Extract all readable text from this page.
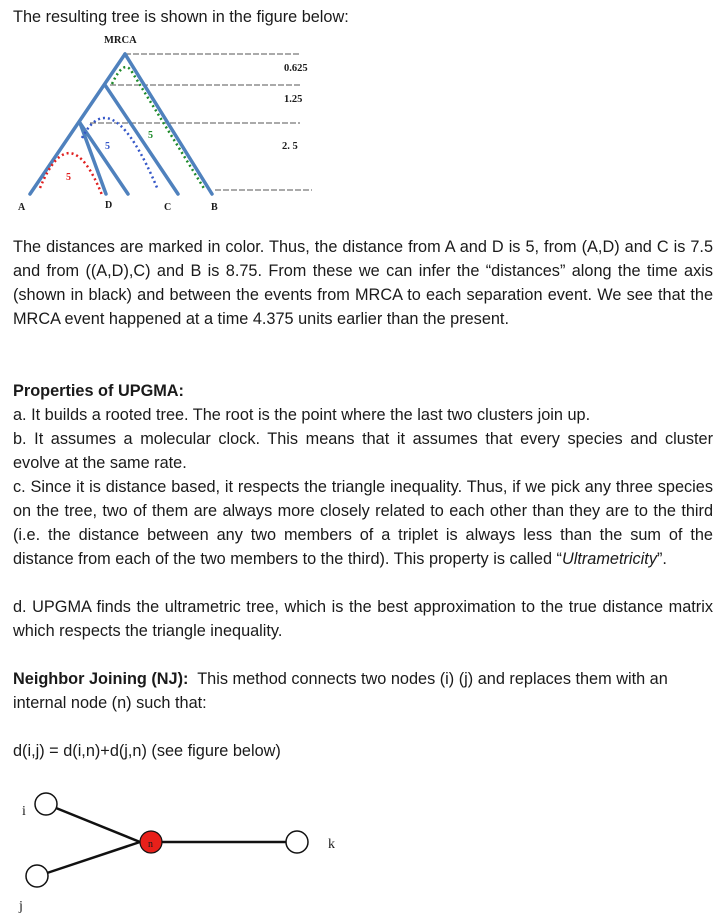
The resulting tree is shown in the figure below:

MRCA
0.625
1.25
2. 5
5
5
5
A	D	C	B

The distances are marked in color. Thus, the distance from A and D is 5, from (A,D) and C is 7.5 and from ((A,D),C) and B is 8.75. From these we can infer the “distances” along the time axis (shown in black) and between the events from MRCA to each separation event. We see that the MRCA event happened at a time 4.375 units earlier than the present.

Properties of UPGMA:

a. It builds a rooted tree. The root is the point where the last two clusters join up.

b. It assumes a molecular clock. This means that it assumes that every species and cluster evolve at the same rate.

c. Since it is distance based, it respects the triangle inequality. Thus, if we pick any three species on the tree, two of them are always more closely related to each other than they are to the third (i.e. the distance between any two members of a triplet is always less than the sum of the distance from each of the two members to the third). This property is called “Ultrametricity”.

d. UPGMA finds the ultrametric tree, which is the best approximation to the true distance matrix which respects the triangle inequality.

Neighbor Joining (NJ):  This method connects two nodes (i) (j) and replaces them with an internal node (n) such that:

d(i,j) = d(i,n)+d(j,n) (see figure below)

i
j
n	k
